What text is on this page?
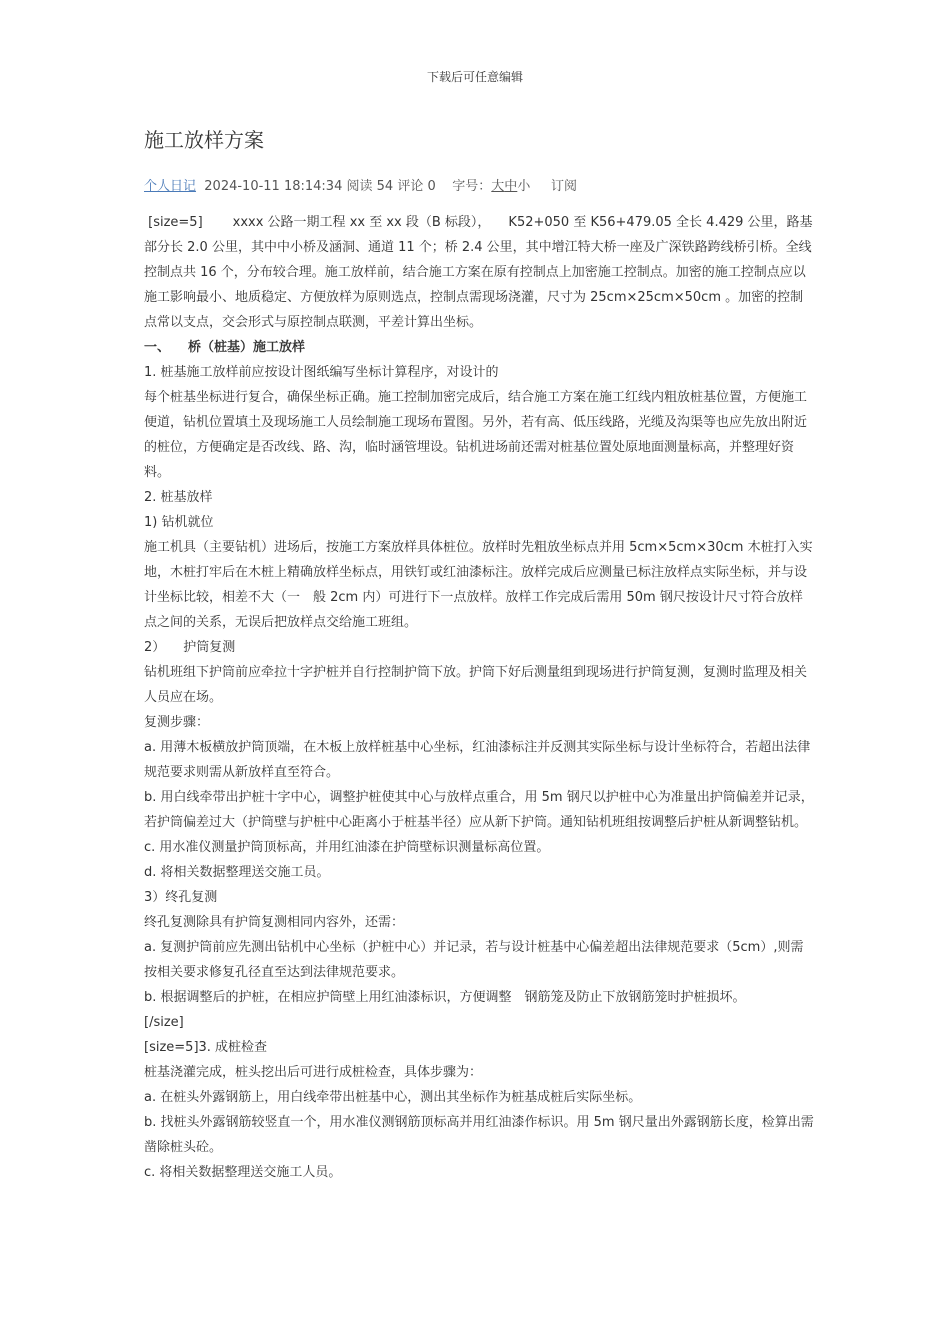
下载后可任意编辑
施工放样方案
个人日记 2024-10-11 18:14:34 阅读 54 评论 0 字号：大中小 订阅

[size=5] xxxx 公路一期工程 xx 至 xx 段（B 标段）， K52+050 至 K56+479.05 全长 4.429 公里，路基部分长 2.0 公里，其中中小桥及涵洞、通道 11 个；桥 2.4 公里，其中增江特大桥一座及广深铁路跨线桥引桥。全线控制点共 16 个，分布较合理。施工放样前，结合施工方案在原有控制点上加密施工控制点。加密的施工控制点应以施工影响最小、地质稳定、方便放样为原则选点，控制点需现场浇灌，尺寸为 25cm×25cm×50cm 。加密的控制点常以支点，交会形式与原控制点联测，平差计算出坐标。

一、 桥（桩基）施工放样

1. 桩基施工放样前应按设计图纸编写坐标计算程序，对设计的

每个桩基坐标进行复合，确保坐标正确。施工控制加密完成后，结合施工方案在施工红线内粗放桩基位置，方便施工便道，钻机位置填土及现场施工人员绘制施工现场布置图。另外，若有高、低压线路，光缆及沟渠等也应先放出附近的桩位，方便确定是否改线、路、沟，临时涵管埋设。钻机进场前还需对桩基位置处原地面测量标高，并整理好资料。

2. 桩基放样

1) 钻机就位

施工机具（主要钻机）进场后，按施工方案放样具体桩位。放样时先粗放坐标点并用 5cm×5cm×30cm 木桩打入实地，木桩打牢后在木桩上精确放样坐标点，用铁钉或红油漆标注。放样完成后应测量已标注放样点实际坐标，并与设计坐标比较，相差不大（一　般 2cm 内）可进行下一点放样。放样工作完成后需用 50m 钢尺按设计尺寸符合放样点之间的关系，无误后把放样点交给施工班组。

2） 护筒复测

钻机班组下护筒前应牵拉十字护桩并自行控制护筒下放。护筒下好后测量组到现场进行护筒复测，复测时监理及相关人员应在场。

复测步骤：

a. 用薄木板横放护筒顶端，在木板上放样桩基中心坐标，红油漆标注并反测其实际坐标与设计坐标符合，若超出法律规范要求则需从新放样直至符合。

b. 用白线牵带出护桩十字中心，调整护桩使其中心与放样点重合，用 5m 钢尺以护桩中心为准量出护筒偏差并记录，若护筒偏差过大（护筒壁与护桩中心距离小于桩基半径）应从新下护筒。通知钻机班组按调整后护桩从新调整钻机。

c. 用水准仪测量护筒顶标高，并用红油漆在护筒壁标识测量标高位置。

d. 将相关数据整理送交施工员。

3）终孔复测

终孔复测除具有护筒复测相同内容外，还需：

a. 复测护筒前应先测出钻机中心坐标（护桩中心）并记录，若与设计桩基中心偏差超出法律规范要求（5cm）,则需按相关要求修复孔径直至达到法律规范要求。

b. 根据调整后的护桩，在相应护筒壁上用红油漆标识，方便调整　钢筋笼及防止下放钢筋笼时护桩损坏。

[/size]

[size=5]3. 成桩检查

桩基浇灌完成，桩头挖出后可进行成桩检查，具体步骤为：

a. 在桩头外露钢筋上，用白线牵带出桩基中心，测出其坐标作为桩基成桩后实际坐标。

b. 找桩头外露钢筋较竖直一个，用水准仪测钢筋顶标高并用红油漆作标识。用 5m 钢尺量出外露钢筋长度，检算出需凿除桩头砼。

c. 将相关数据整理送交施工人员。
